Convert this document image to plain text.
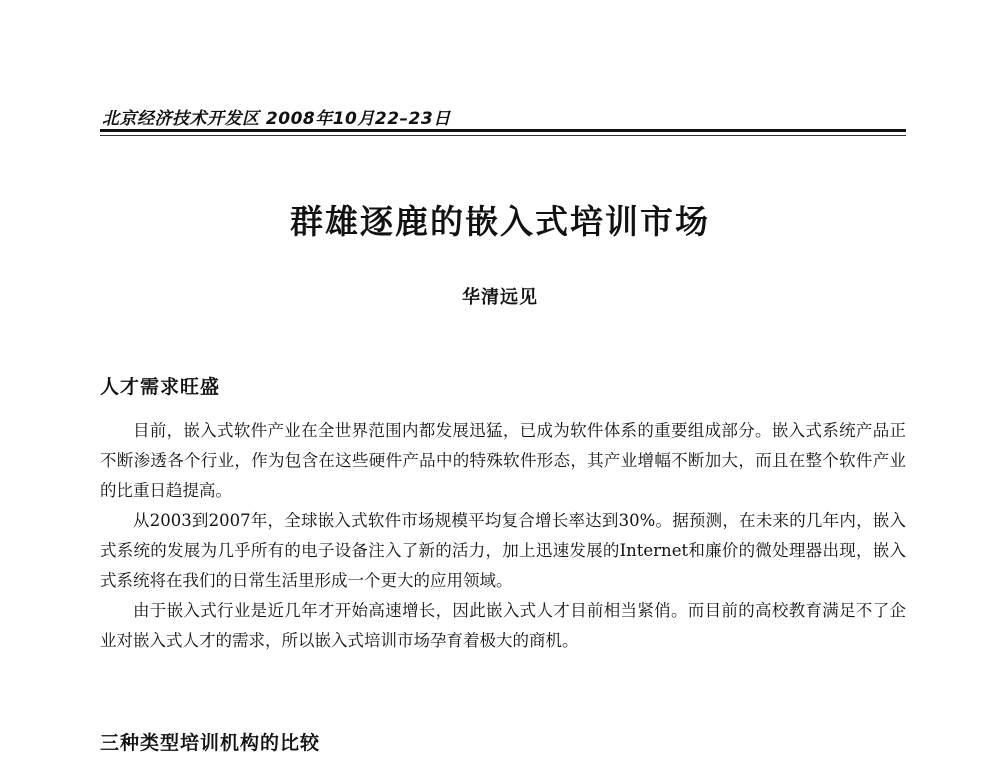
北京经济技术开发区 2008年10月22–23日
群雄逐鹿的嵌入式培训市场
华清远见
人才需求旺盛

目前，嵌入式软件产业在全世界范围内都发展迅猛，已成为软件体系的重要组成部分。嵌入式系统产品正不断渗透各个行业，作为包含在这些硬件产品中的特殊软件形态，其产业增幅不断加大，而且在整个软件产业的比重日趋提高。

从2003到2007年，全球嵌入式软件市场规模平均复合增长率达到30%。据预测，在未来的几年内，嵌入式系统的发展为几乎所有的电子设备注入了新的活力，加上迅速发展的Internet和廉价的微处理器出现，嵌入式系统将在我们的日常生活里形成一个更大的应用领域。

由于嵌入式行业是近几年才开始高速增长，因此嵌入式人才目前相当紧俏。而目前的高校教育满足不了企业对嵌入式人才的需求，所以嵌入式培训市场孕育着极大的商机。

三种类型培训机构的比较
